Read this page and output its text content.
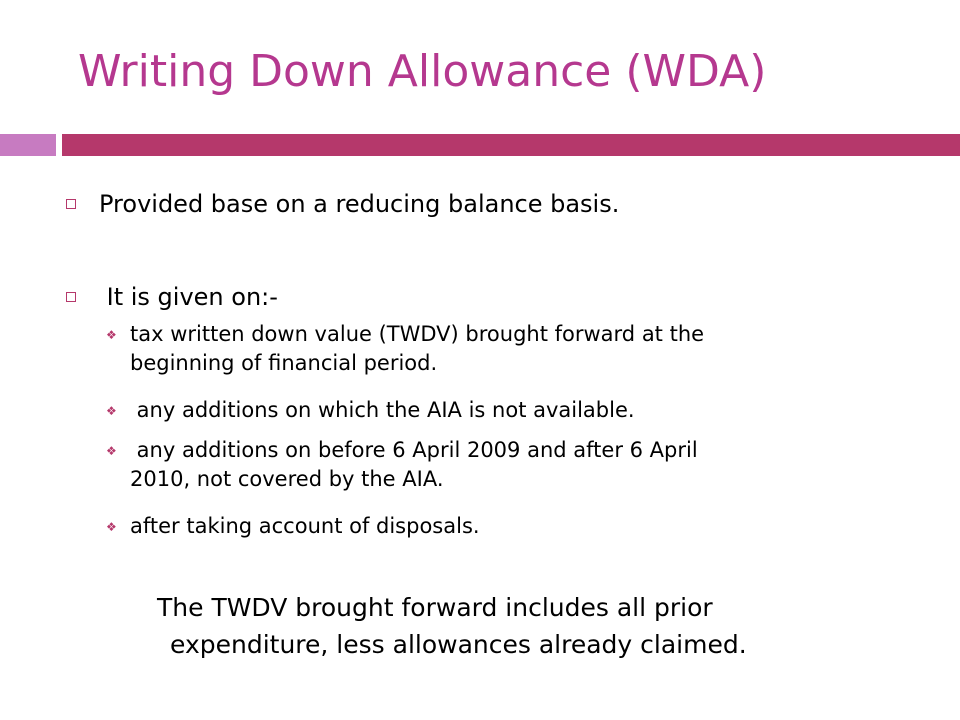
Writing Down Allowance (WDA)
Provided base on a reducing balance basis.
It is given on:-
❖ tax written down value (TWDV) brought forward at the
beginning of financial period.
❖ any additions on which the AIA is not available.
❖ any additions on before 6 April 2009 and after 6 April
2010, not covered by the AIA.
❖ after taking account of disposals.
The TWDV brought forward includes all prior
expenditure, less allowances already claimed.
